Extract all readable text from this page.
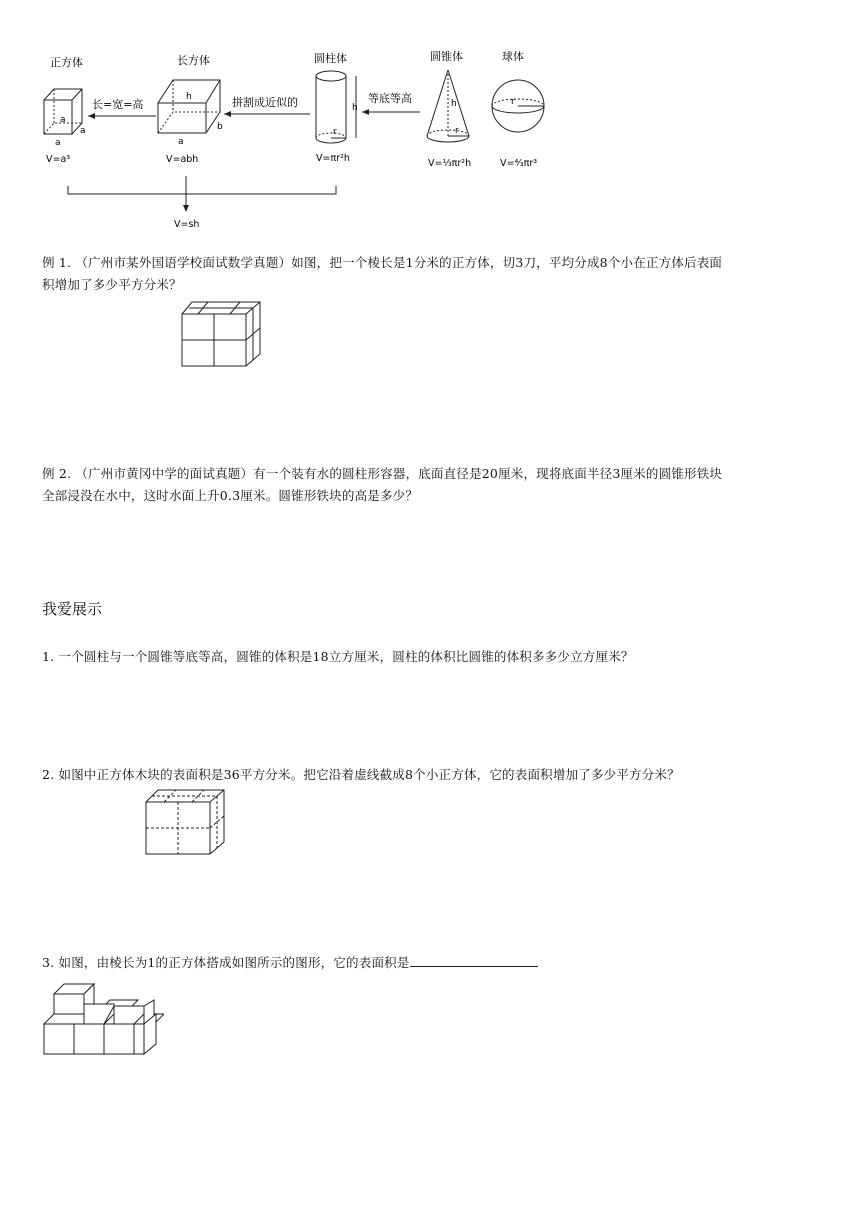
正方体	长方体	圆柱体	圆锥体	球体
a
a
a
V=a³
长=宽=高
h
b
a
V=abh
拼割成近似的	h
r
V=πr²h
等底等高	h
r
V=⅓πr²h
r
V=⁴⁄₃πr³
V=sh
例 1. （广州市某外国语学校面试数学真题）如图，把一个棱长是1分米的正方体，切3刀，平均分成8个小在正方体后表面
积增加了多少平方分米？
例 2. （广州市黄冈中学的面试真题）有一个装有水的圆柱形容器，底面直径是20厘米，现将底面半径3厘米的圆锥形铁块
全部浸没在水中，这时水面上升0.3厘米。圆锥形铁块的高是多少？
我爱展示
1. 一个圆柱与一个圆锥等底等高，圆锥的体积是18立方厘米，圆柱的体积比圆锥的体积多多少立方厘米？
2. 如图中正方体木块的表面积是36平方分米。把它沿着虚线截成8个小正方体，它的表面积增加了多少平方分米？
3. 如图，由棱长为1的正方体搭成如图所示的图形，它的表面积是
